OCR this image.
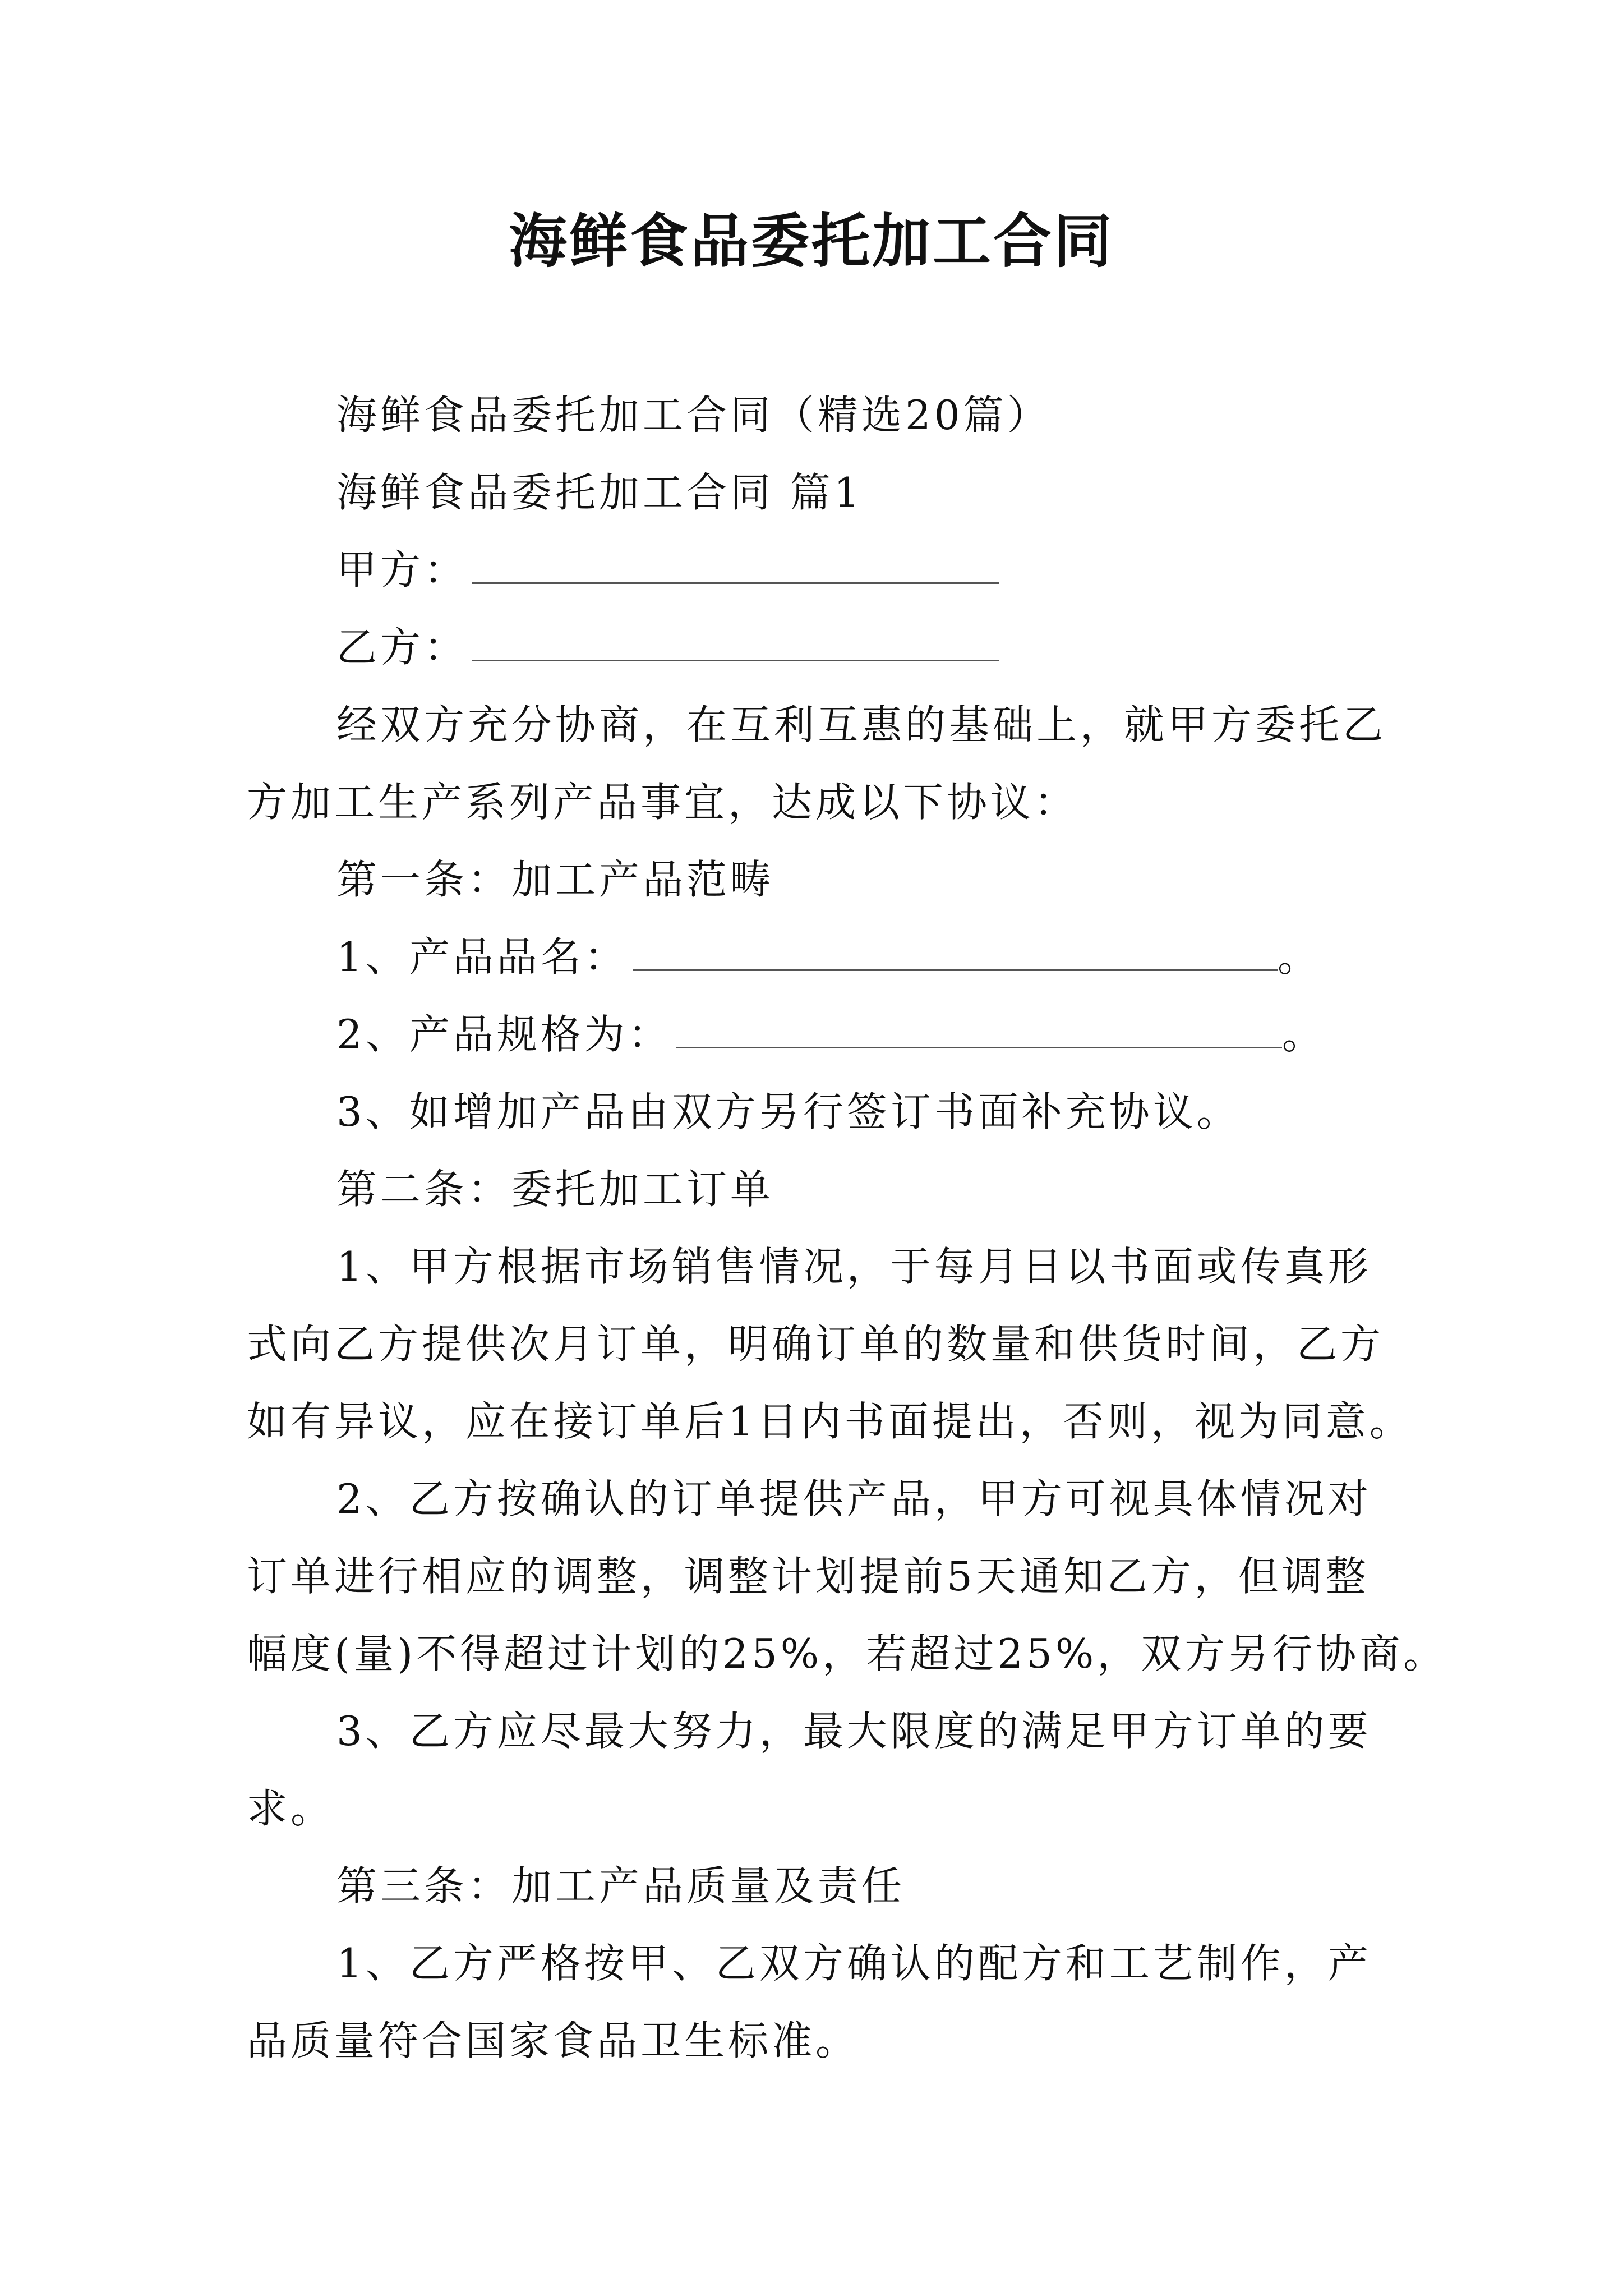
海鲜食品委托加工合同
海鲜食品委托加工合同（精选20篇）
海鲜食品委托加工合同 篇1
甲方：
乙方：
经双方充分协商，在互利互惠的基础上，就甲方委托乙
方加工生产系列产品事宜，达成以下协议：
第一条：加工产品范畴
1、产品品名：	。
2、产品规格为：	。
3、如增加产品由双方另行签订书面补充协议。
第二条：委托加工订单
1、甲方根据市场销售情况，于每月日以书面或传真形
式向乙方提供次月订单，明确订单的数量和供货时间，乙方
如有异议，应在接订单后1日内书面提出，否则，视为同意。
2、乙方按确认的订单提供产品，甲方可视具体情况对
订单进行相应的调整，调整计划提前5天通知乙方，但调整
幅度(量)不得超过计划的25%，若超过25%，双方另行协商。
3、乙方应尽最大努力，最大限度的满足甲方订单的要
求。
第三条：加工产品质量及责任
1、乙方严格按甲、乙双方确认的配方和工艺制作，产
品质量符合国家食品卫生标准。
